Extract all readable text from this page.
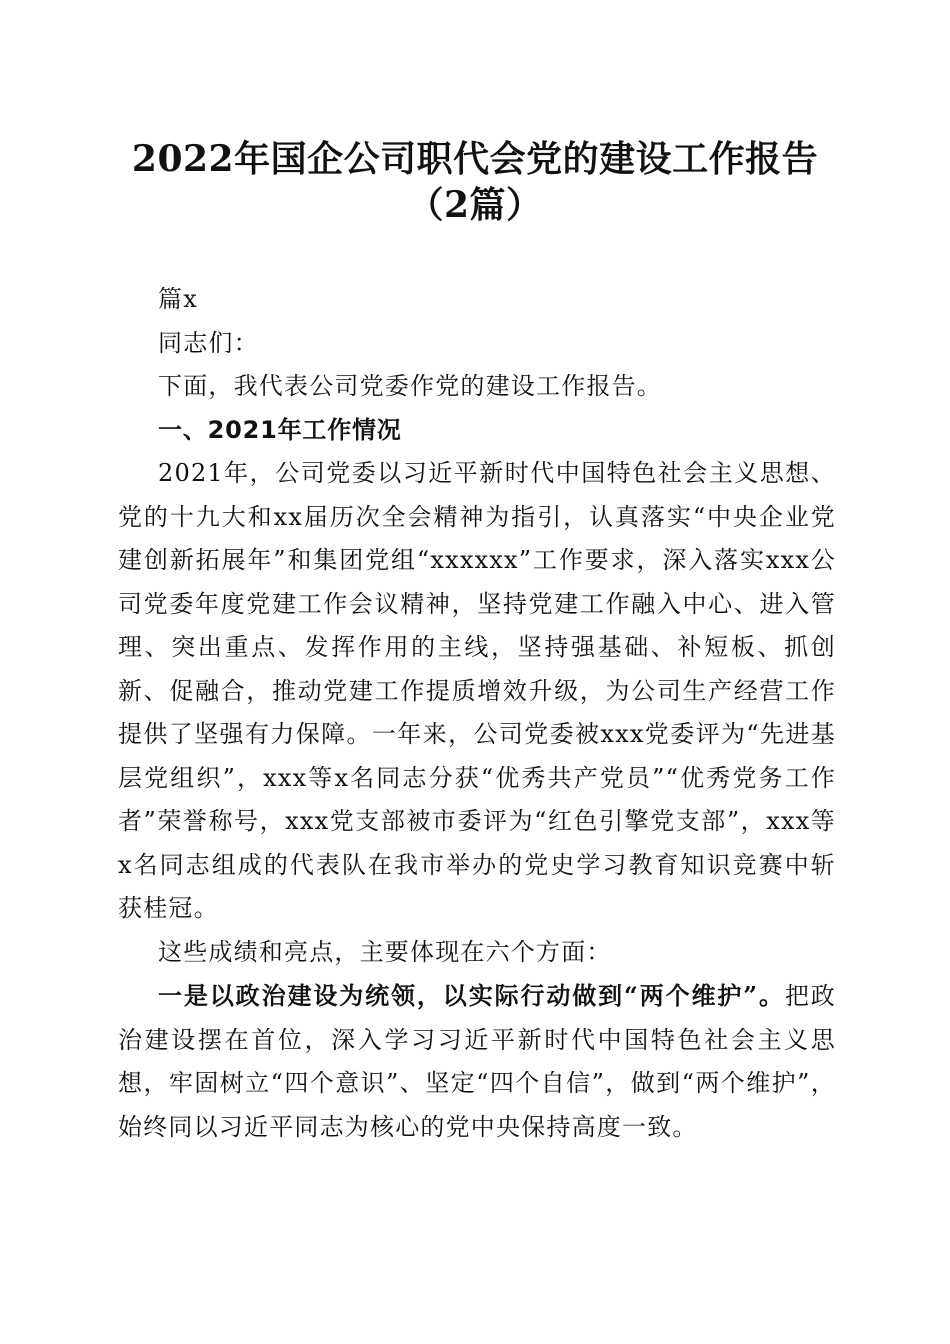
2022年国企公司职代会党的建设工作报告（2篇）

篇x

同志们：

下面，我代表公司党委作党的建设工作报告。

一、2021年工作情况

2021年，公司党委以习近平新时代中国特色社会主义思想、党的十九大和xx届历次全会精神为指引，认真落实“中央企业党建创新拓展年”和集团党组“xxxxxx”工作要求，深入落实xxx公司党委年度党建工作会议精神，坚持党建工作融入中心、进入管理、突出重点、发挥作用的主线，坚持强基础、补短板、抓创新、促融合，推动党建工作提质增效升级，为公司生产经营工作提供了坚强有力保障。一年来，公司党委被xxx党委评为“先进基层党组织”，xxx等x名同志分获“优秀共产党员”“优秀党务工作者”荣誉称号，xxx党支部被市委评为“红色引擎党支部”，xxx等x名同志组成的代表队在我市举办的党史学习教育知识竞赛中斩获桂冠。

这些成绩和亮点，主要体现在六个方面：

一是以政治建设为统领，以实际行动做到“两个维护”。把政治建设摆在首位，深入学习习近平新时代中国特色社会主义思想，牢固树立“四个意识”、坚定“四个自信”，做到“两个维护”，始终同以习近平同志为核心的党中央保持高度一致。
